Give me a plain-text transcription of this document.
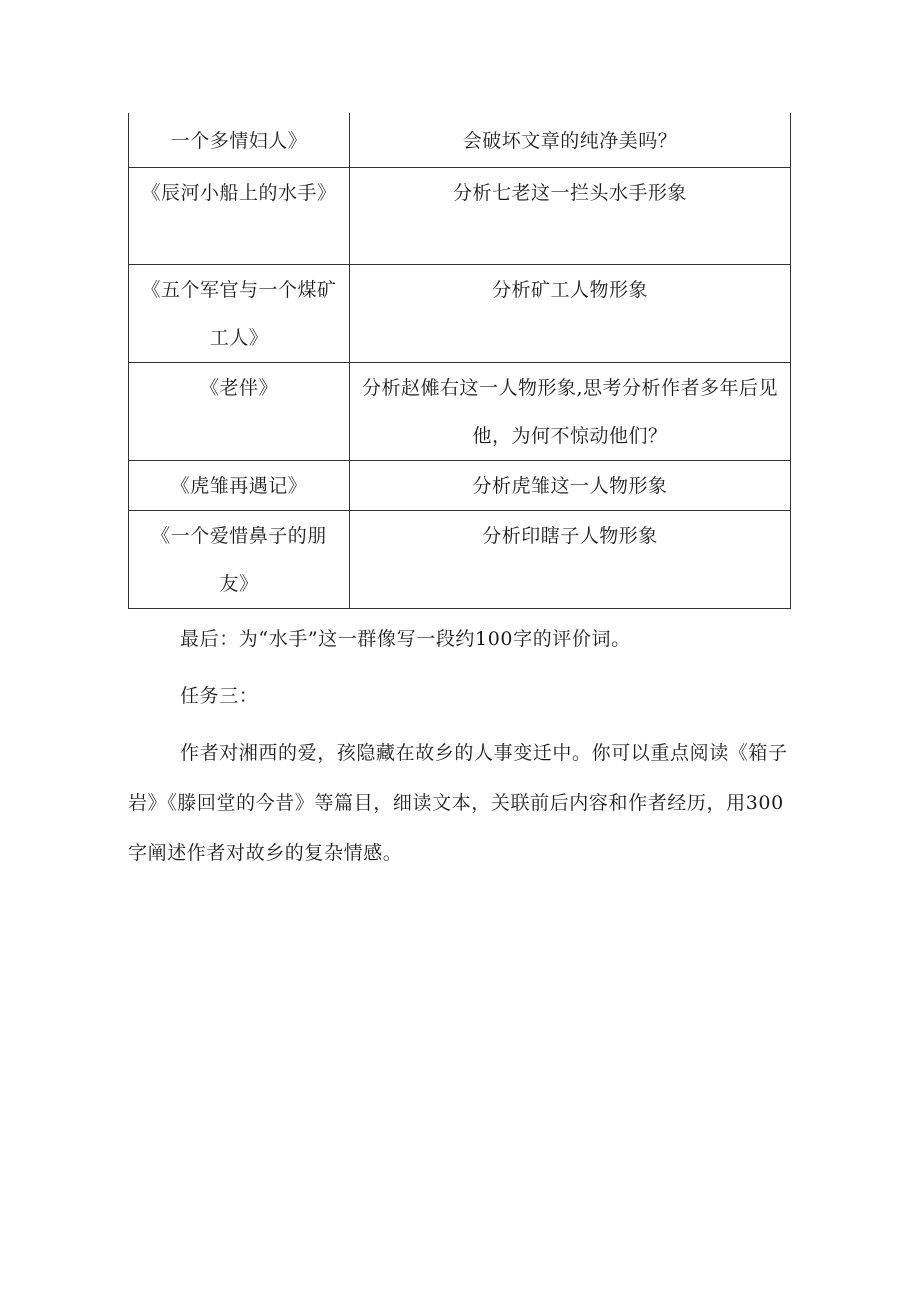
一个多情妇人》	会破坏文章的纯净美吗？

《辰河小船上的水手》	分析七老这一拦头水手形象

《五个军官与一个煤矿工人》	分析矿工人物形象

《老伴》	分析赵傩右这一人物形象,思考分析作者多年后见他，为何不惊动他们？

《虎雏再遇记》	分析虎雏这一人物形象

《一个爱惜鼻子的朋友》	分析印瞎子人物形象

最后：为“水手”这一群像写一段约100字的评价词。

任务三：

作者对湘西的爱，孩隐藏在故乡的人事变迁中。你可以重点阅读《箱子岩》《滕回堂的今昔》等篇目，细读文本，关联前后内容和作者经历，用300字阐述作者对故乡的复杂情感。
